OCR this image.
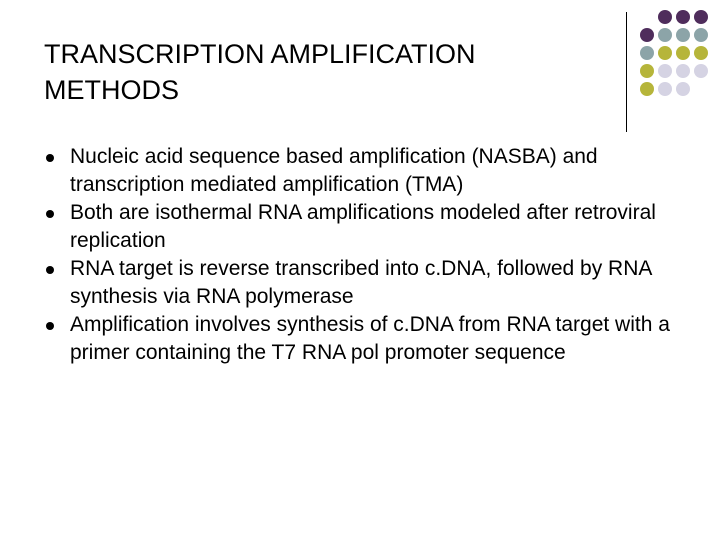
TRANSCRIPTION AMPLIFICATION METHODS
Nucleic acid sequence based amplification (NASBA) and transcription mediated amplification (TMA)
Both are isothermal RNA amplifications modeled after retroviral replication
RNA target is reverse transcribed into c.DNA, followed by RNA synthesis via RNA polymerase
Amplification involves synthesis of c.DNA from RNA target with a primer containing the T7 RNA pol promoter sequence
